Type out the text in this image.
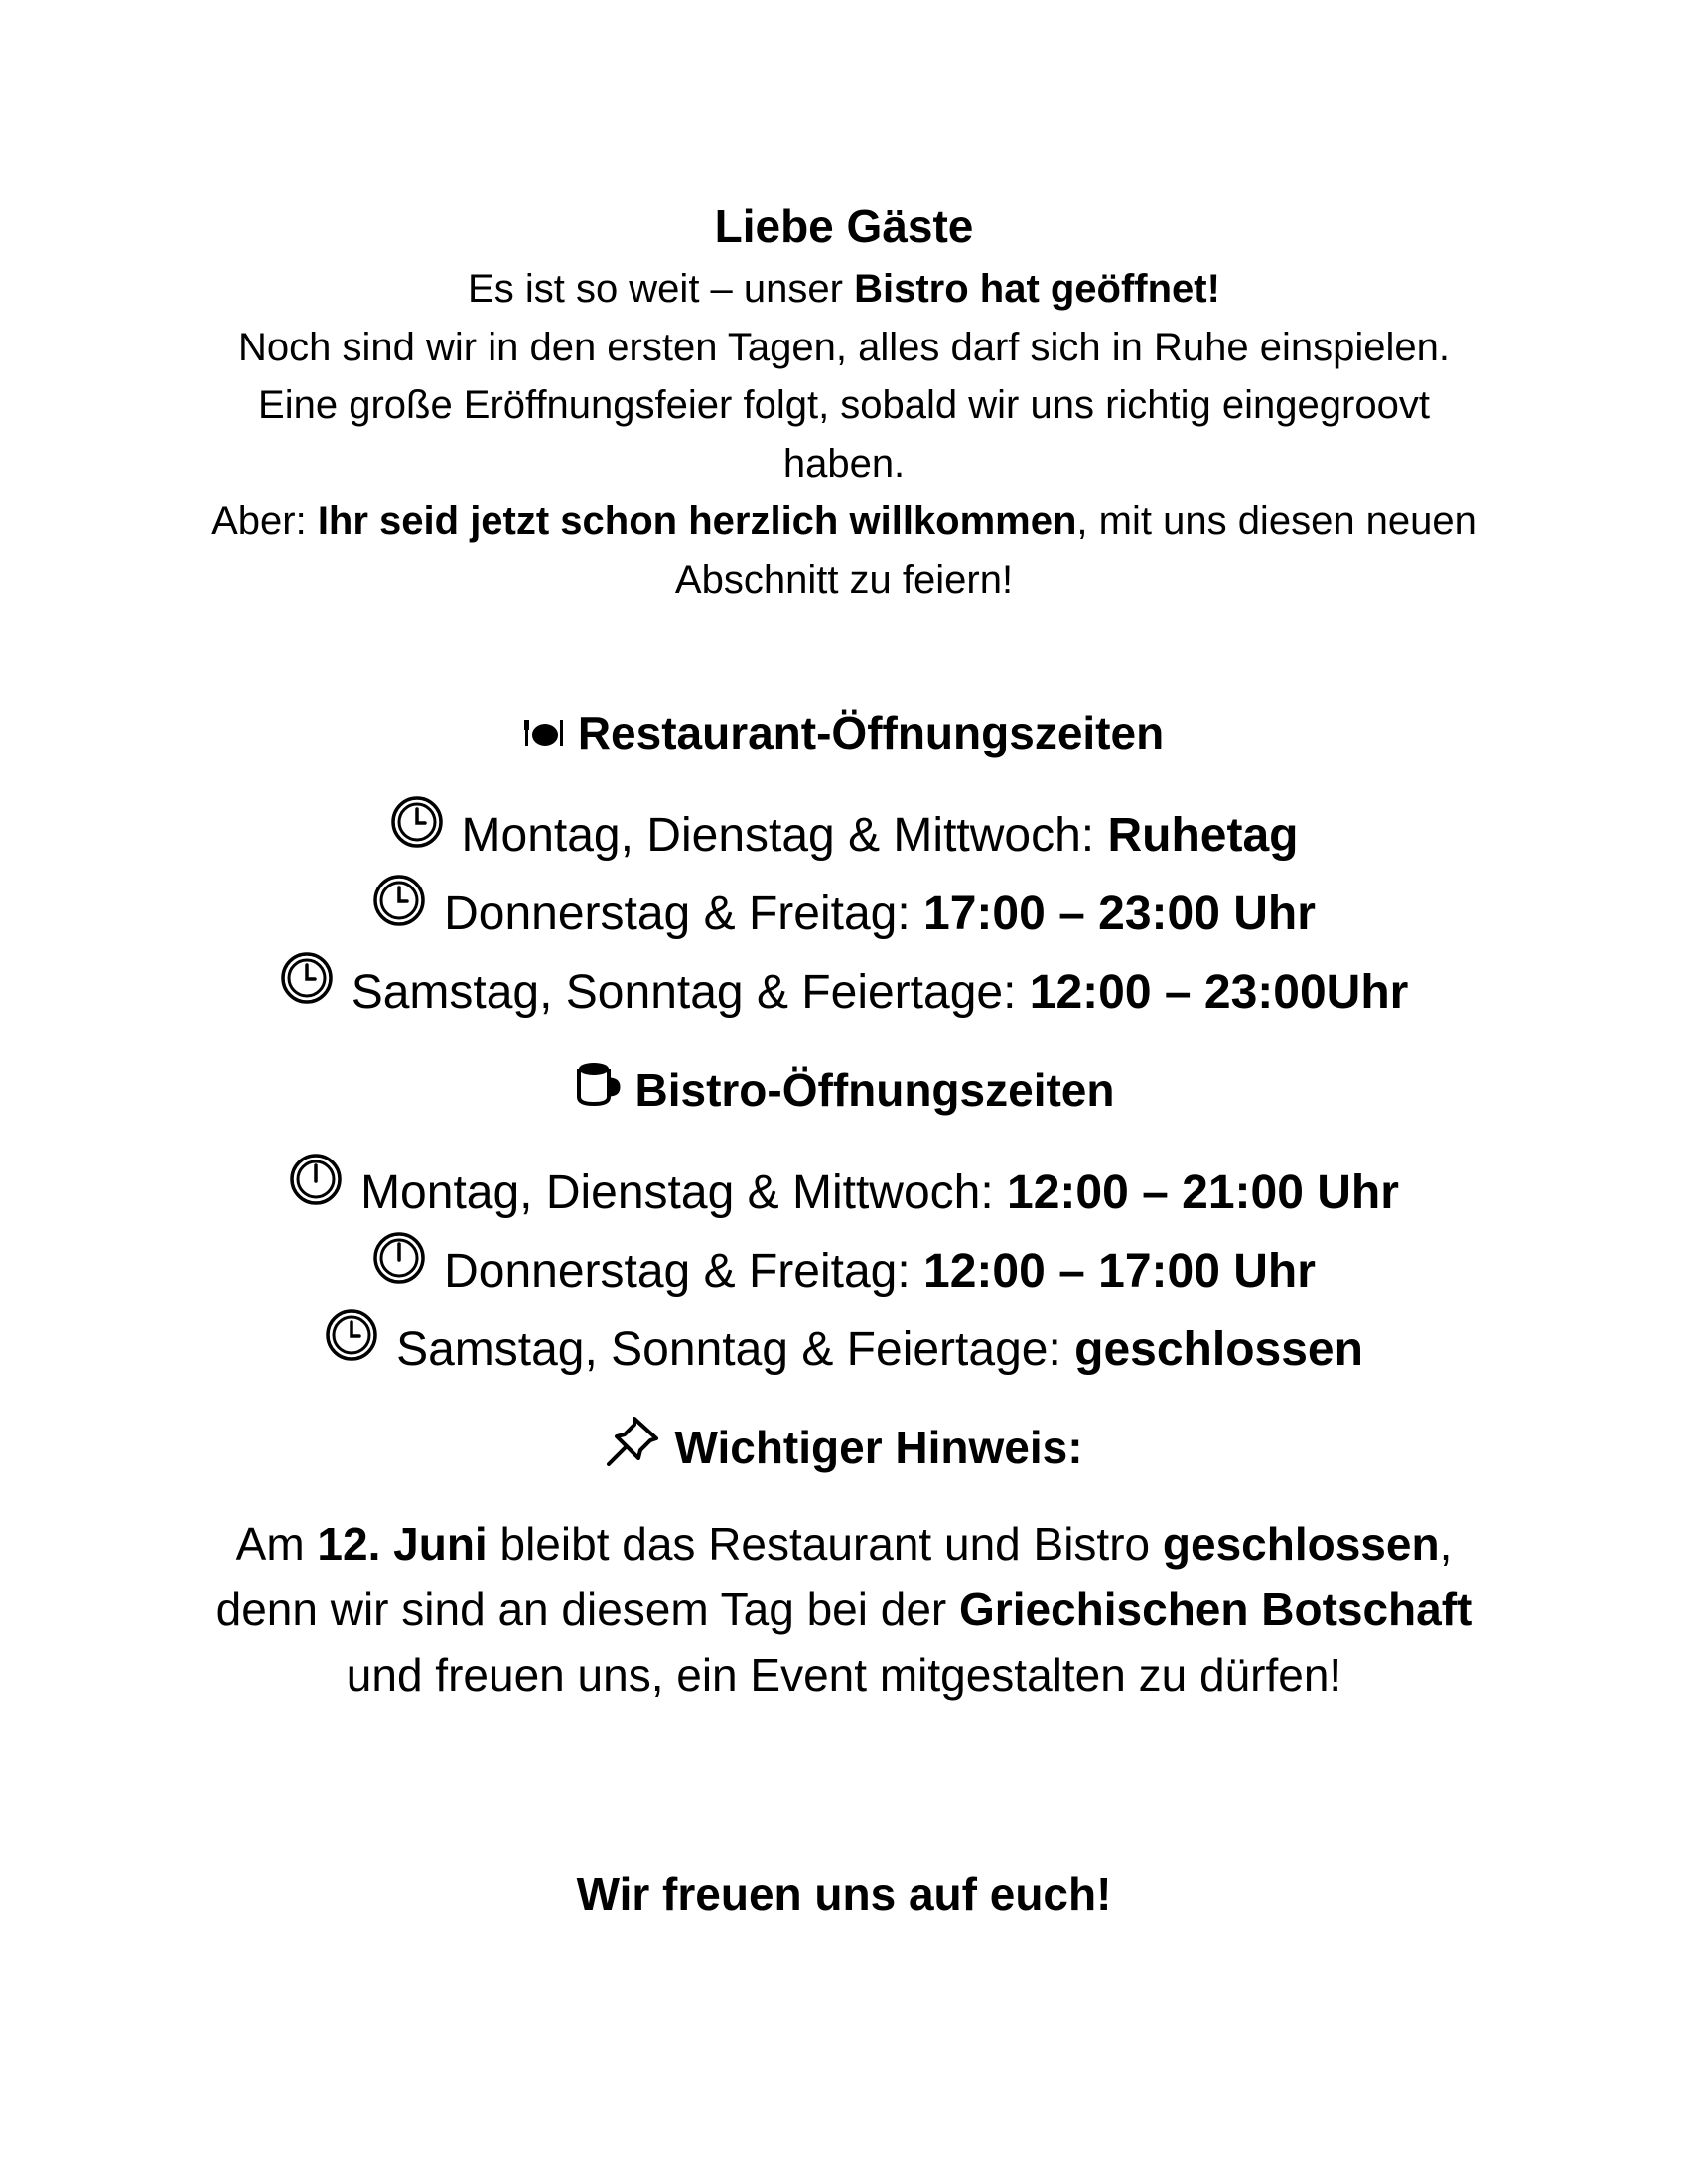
Liebe Gäste

Es ist so weit – unser Bistro hat geöffnet!

Noch sind wir in den ersten Tagen, alles darf sich in Ruhe einspielen.

Eine große Eröffnungsfeier folgt, sobald wir uns richtig eingegroovt haben.

Aber: Ihr seid jetzt schon herzlich willkommen, mit uns diesen neuen Abschnitt zu feiern!

Restaurant-Öffnungszeiten
Montag, Dienstag & Mittwoch: Ruhetag
Donnerstag & Freitag: 17:00 – 23:00 Uhr
Samstag, Sonntag & Feiertage: 12:00 – 23:00Uhr
Bistro-Öffnungszeiten
Montag, Dienstag & Mittwoch: 12:00 – 21:00 Uhr
Donnerstag & Freitag: 12:00 – 17:00 Uhr
Samstag, Sonntag & Feiertage: geschlossen
Wichtiger Hinweis:

Am 12. Juni bleibt das Restaurant und Bistro geschlossen,

denn wir sind an diesem Tag bei der Griechischen Botschaft

und freuen uns, ein Event mitgestalten zu dürfen!

Wir freuen uns auf euch!
